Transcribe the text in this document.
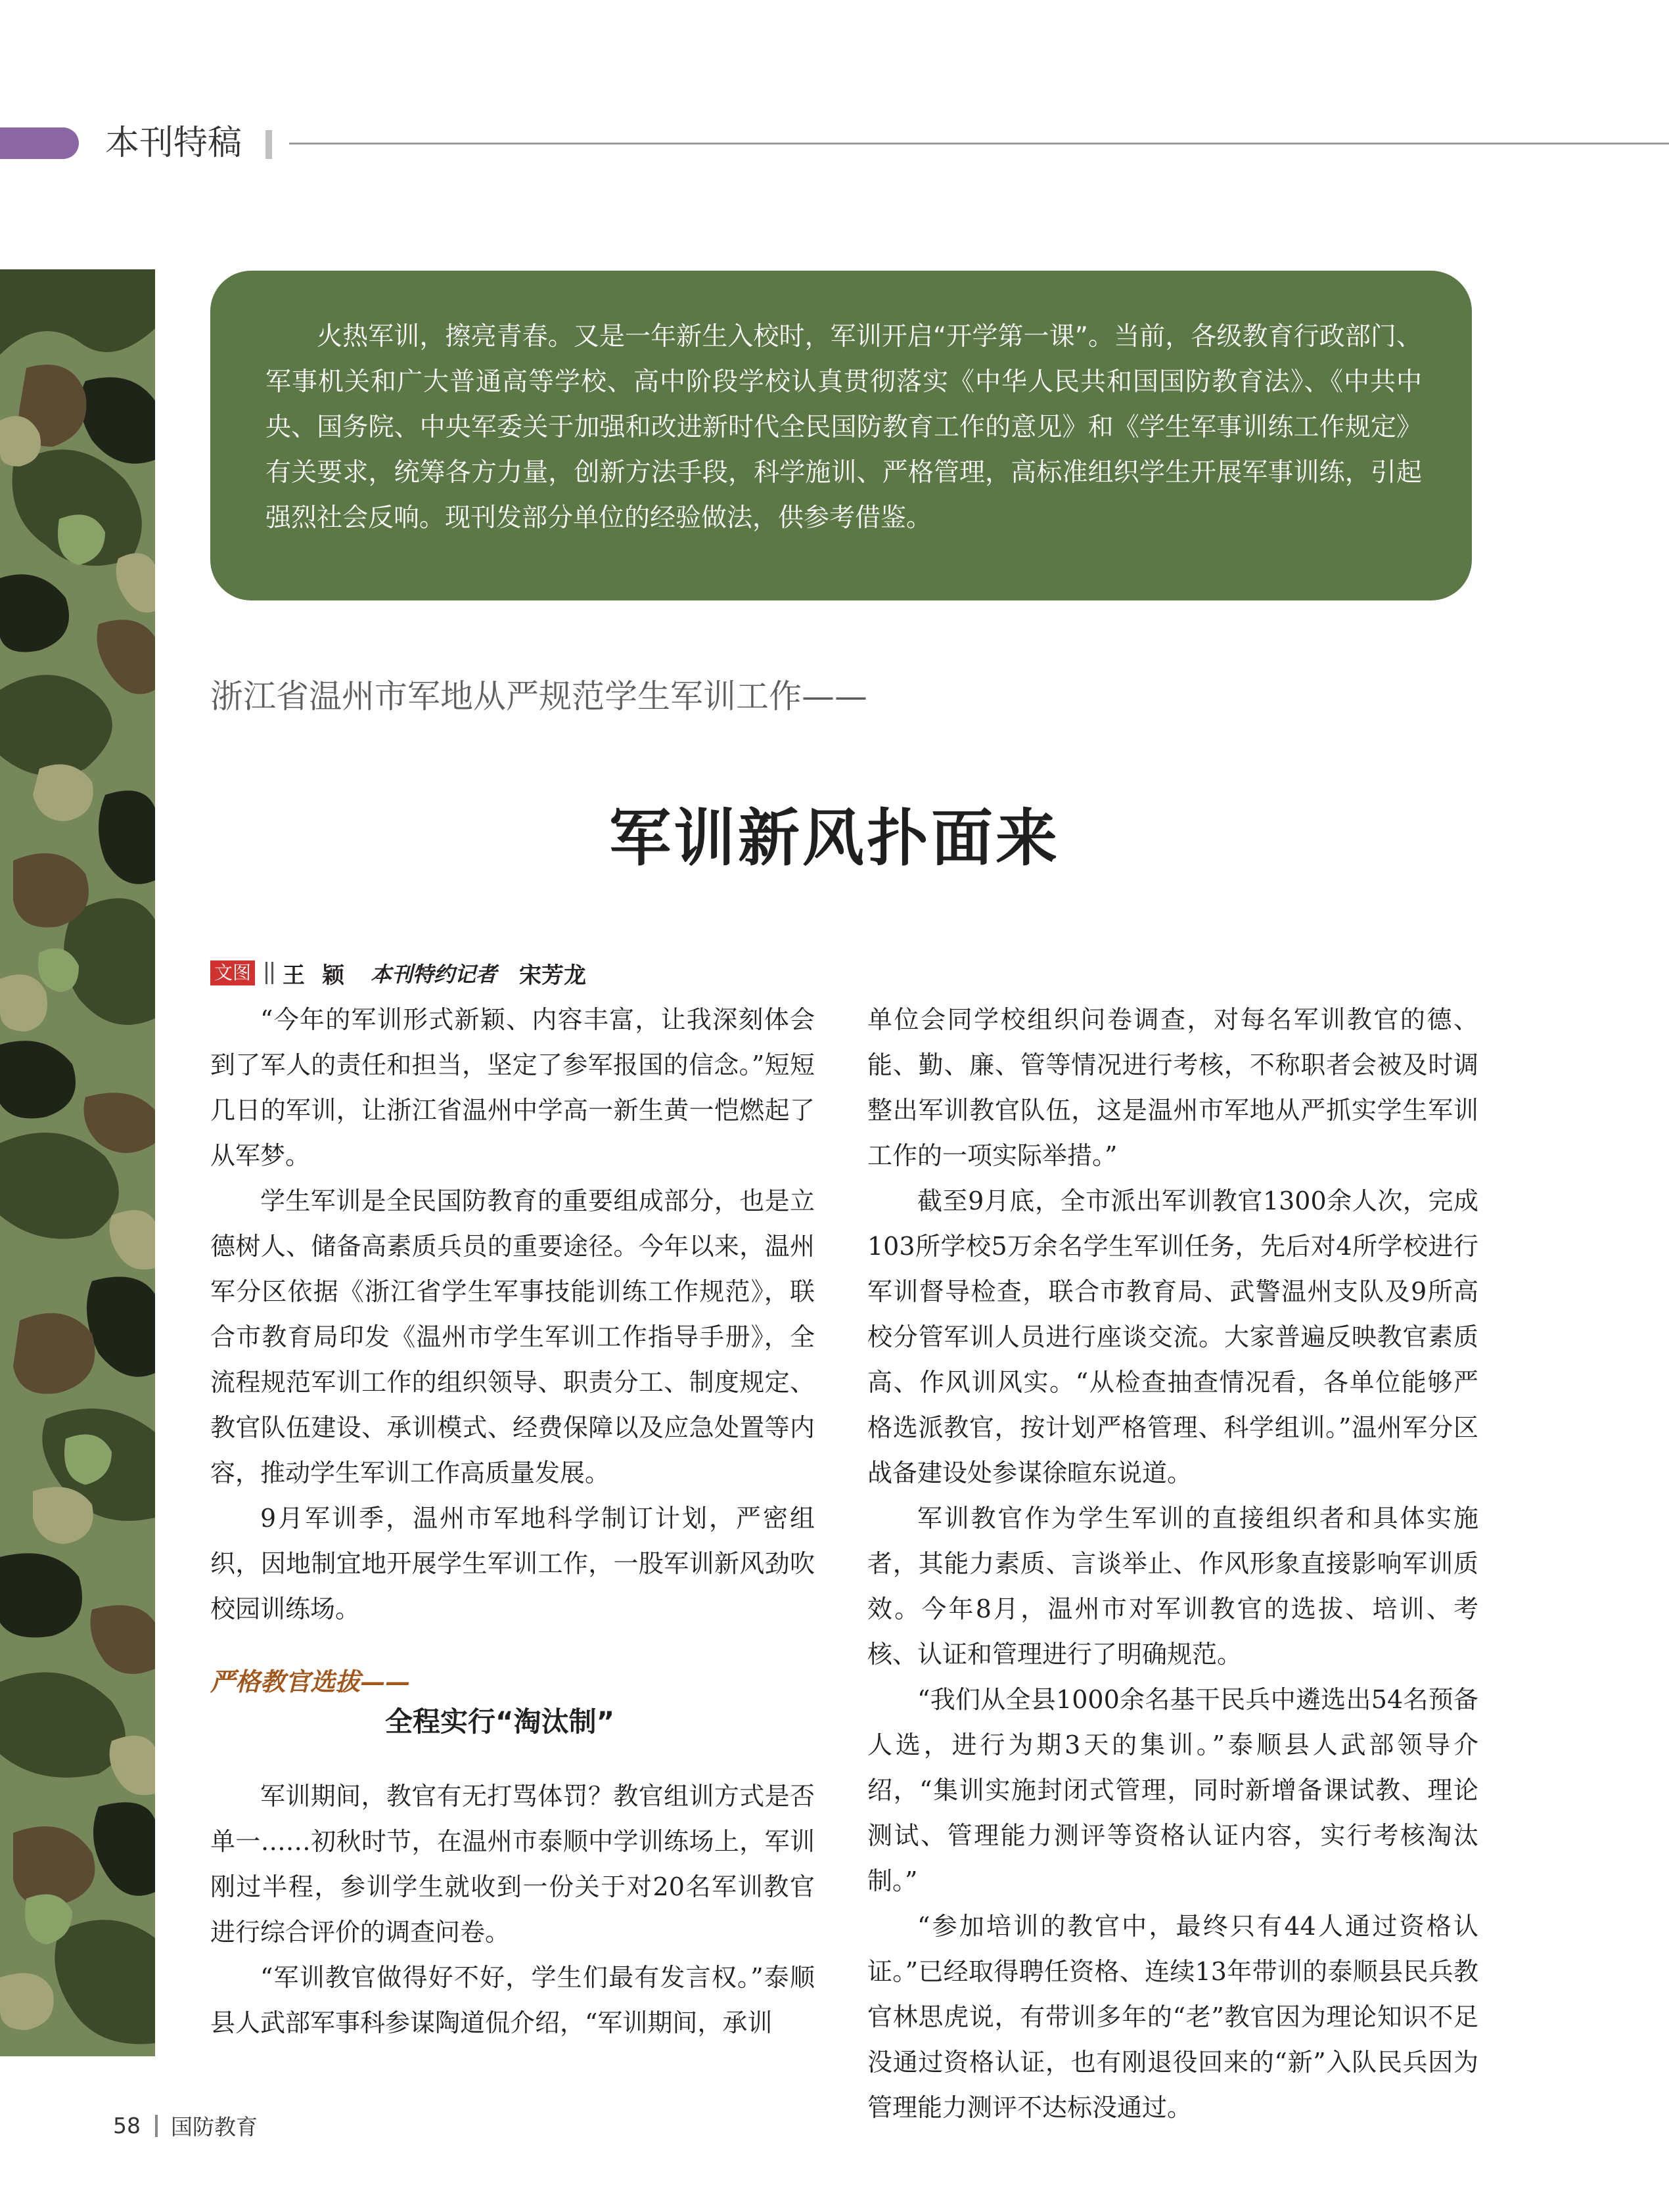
本刊特稿

火热军训，擦亮青春。又是一年新生入校时，军训开启“开学第一课”。当前，各级教育行政部门、军事机关和广大普通高等学校、高中阶段学校认真贯彻落实《中华人民共和国国防教育法》、《中共中央、国务院、中央军委关于加强和改进新时代全民国防教育工作的意见》和《学生军事训练工作规定》有关要求，统筹各方力量，创新方法手段，科学施训、严格管理，高标准组织学生开展军事训练，引起强烈社会反响。现刊发部分单位的经验做法，供参考借鉴。

浙江省温州市军地从严规范学生军训工作——
军训新风扑面来
文图 王颖 本刊特约记者 宋芳龙

“今年的军训形式新颖、内容丰富，让我深刻体会到了军人的责任和担当，坚定了参军报国的信念。”短短几日的军训，让浙江省温州中学高一新生黄一恺燃起了从军梦。

学生军训是全民国防教育的重要组成部分，也是立德树人、储备高素质兵员的重要途径。今年以来，温州军分区依据《浙江省学生军事技能训练工作规范》，联合市教育局印发《温州市学生军训工作指导手册》，全流程规范军训工作的组织领导、职责分工、制度规定、教官队伍建设、承训模式、经费保障以及应急处置等内容，推动学生军训工作高质量发展。

9月军训季，温州市军地科学制订计划，严密组织，因地制宜地开展学生军训工作，一股军训新风劲吹校园训练场。

严格教官选拔——
全程实行“淘汰制”

军训期间，教官有无打骂体罚？教官组训方式是否单一……初秋时节，在温州市泰顺中学训练场上，军训刚过半程，参训学生就收到一份关于对20名军训教官进行综合评价的调查问卷。

“军训教官做得好不好，学生们最有发言权。”泰顺县人武部军事科参谋陶道侃介绍，“军训期间，承训

单位会同学校组织问卷调查，对每名军训教官的德、能、勤、廉、管等情况进行考核，不称职者会被及时调整出军训教官队伍，这是温州市军地从严抓实学生军训工作的一项实际举措。”

截至9月底，全市派出军训教官1300余人次，完成103所学校5万余名学生军训任务，先后对4所学校进行军训督导检查，联合市教育局、武警温州支队及9所高校分管军训人员进行座谈交流。大家普遍反映教官素质高、作风训风实。“从检查抽查情况看，各单位能够严格选派教官，按计划严格管理、科学组训。”温州军分区战备建设处参谋徐暄东说道。

军训教官作为学生军训的直接组织者和具体实施者，其能力素质、言谈举止、作风形象直接影响军训质效。今年8月，温州市对军训教官的选拔、培训、考核、认证和管理进行了明确规范。

“我们从全县1000余名基干民兵中遴选出54名预备人选，进行为期3天的集训。”泰顺县人武部领导介绍，“集训实施封闭式管理，同时新增备课试教、理论测试、管理能力测评等资格认证内容，实行考核淘汰制。”

“参加培训的教官中，最终只有44人通过资格认证。”已经取得聘任资格、连续13年带训的泰顺县民兵教官林思虎说，有带训多年的“老”教官因为理论知识不足没通过资格认证，也有刚退役回来的“新”入队民兵因为管理能力测评不达标没通过。

58 国防教育
